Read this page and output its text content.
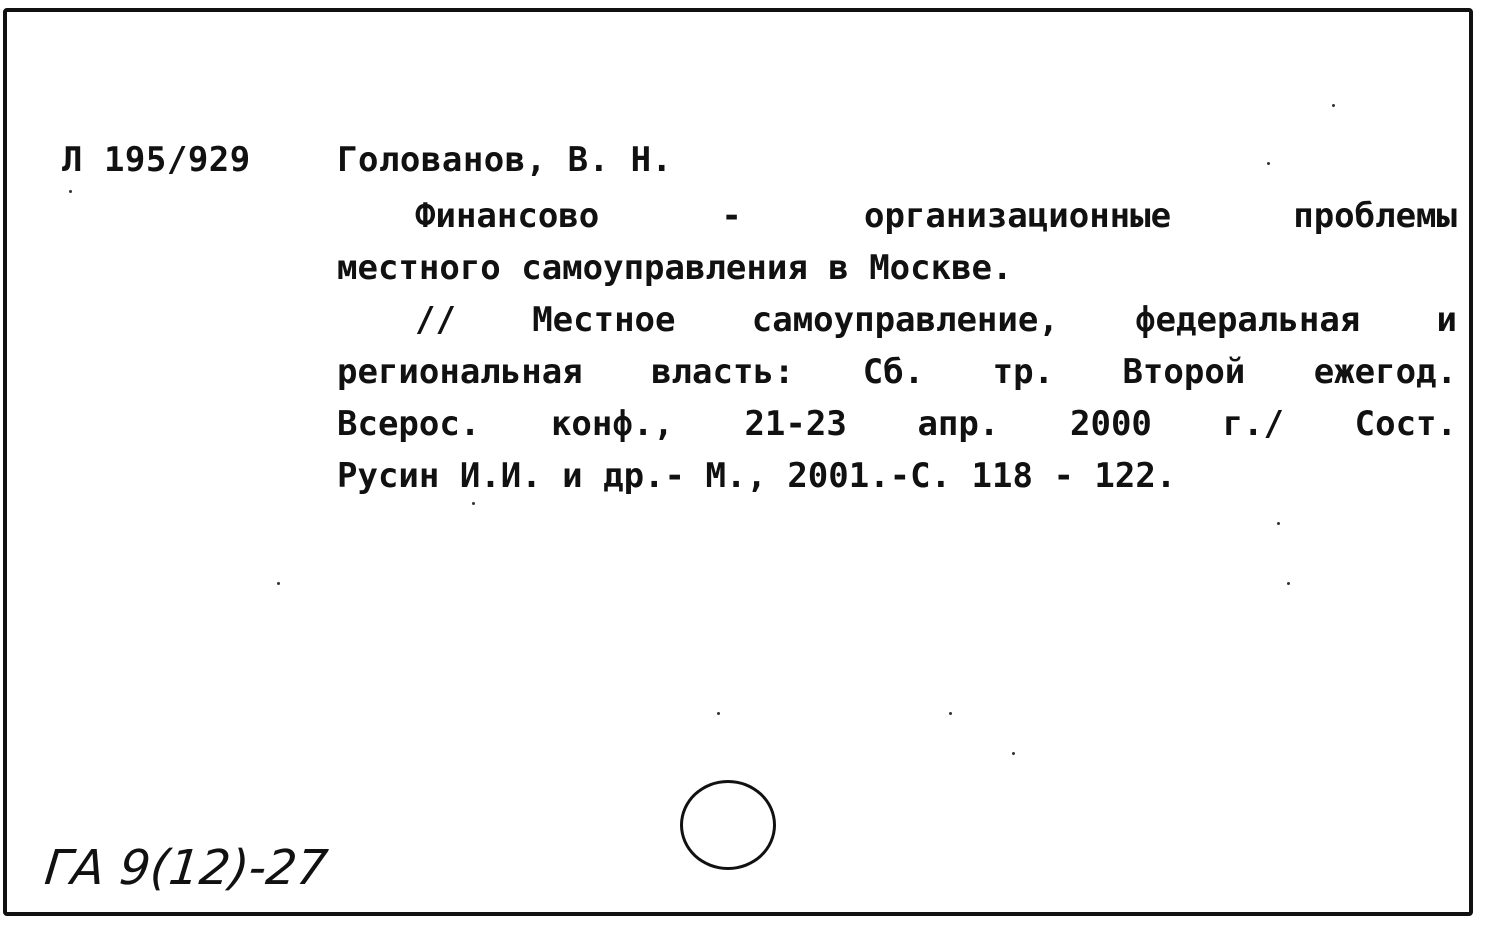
Л 195/929	Голованов, В. Н.
Финансово - организационные проблемы
местного самоуправления в Москве.
// Местное самоуправление, федеральная и
региональная власть: Сб. тр. Второй ежегод.
Всерос. конф., 21-23 апр. 2000 г./ Сост.
Русин И.И. и др.- М., 2001.-С. 118 - 122.
ГА 9(12)-27
